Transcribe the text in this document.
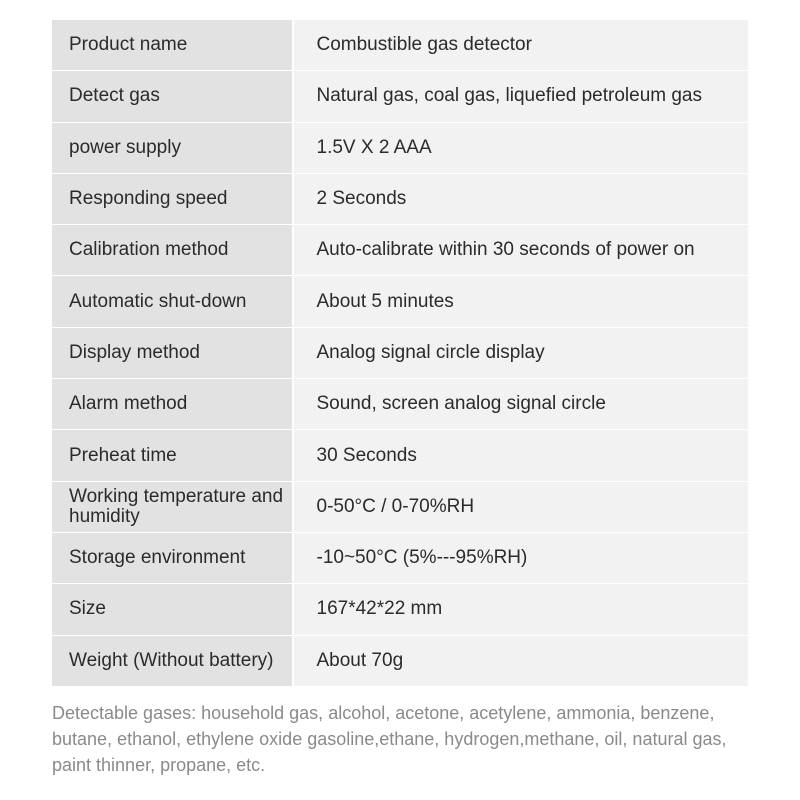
Product name	Combustible gas detector
Detect gas	Natural gas, coal gas, liquefied petroleum gas
power supply	1.5V X 2 AAA
Responding speed	2 Seconds
Calibration method	Auto-calibrate within 30 seconds of power on
Automatic shut-down	About 5 minutes
Display method	Analog signal circle display
Alarm method	Sound, screen analog signal circle
Preheat time	30 Seconds
Working temperature and humidity	0-50°C / 0-70%RH
Storage environment	-10~50°C (5%---95%RH)
Size	167*42*22 mm
Weight (Without battery)	About 70g
Detectable gases: household gas, alcohol, acetone, acetylene, ammonia, benzene, butane, ethanol, ethylene oxide gasoline,ethane, hydrogen,methane, oil, natural gas, paint thinner, propane, etc.
